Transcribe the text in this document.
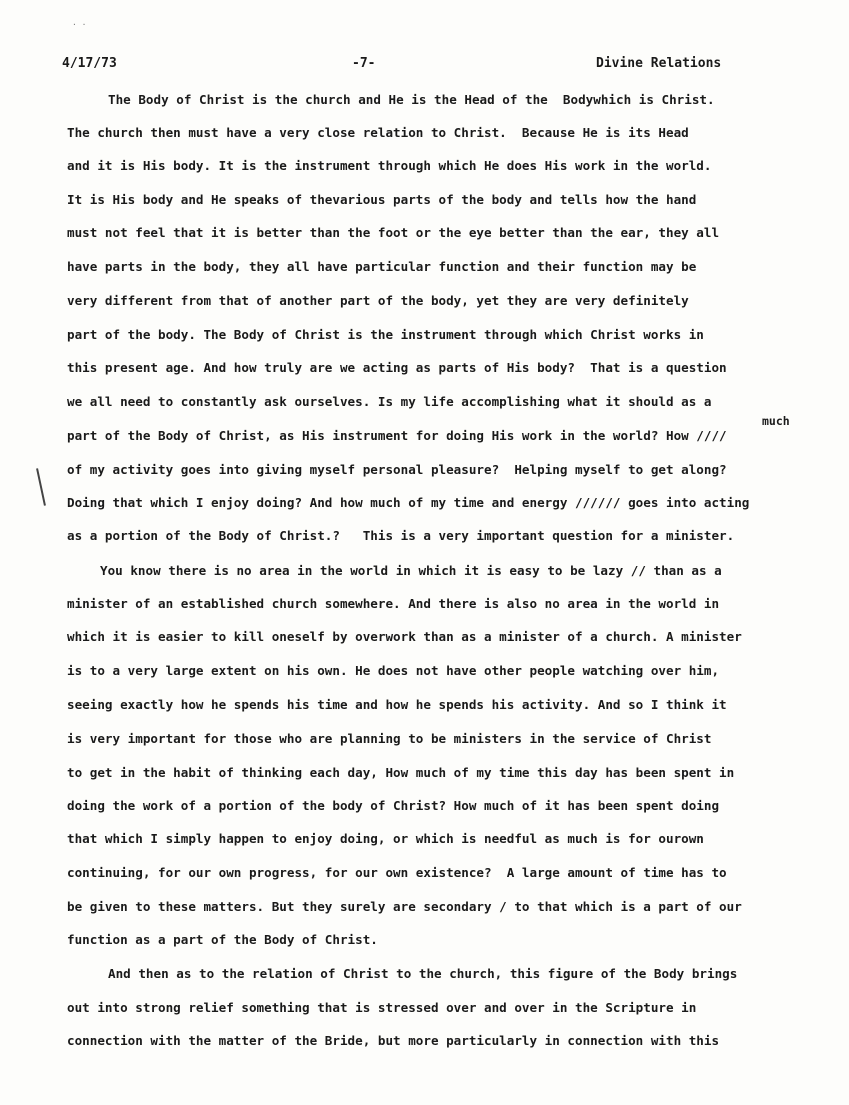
· ·
4/17/73	-7-	Divine Relations
much
The Body of Christ is the church and He is the Head of the  Bodywhich is Christ.
The church then must have a very close relation to Christ.  Because He is its Head
and it is His body. It is the instrument through which He does His work in the world.
It is His body and He speaks of thevarious parts of the body and tells how the hand
must not feel that it is better than the foot or the eye better than the ear, they all
have parts in the body, they all have particular function and their function may be
very different from that of another part of the body, yet they are very definitely
part of the body. The Body of Christ is the instrument through which Christ works in
this present age. And how truly are we acting as parts of His body?  That is a question
we all need to constantly ask ourselves. Is my life accomplishing what it should as a
part of the Body of Christ, as His instrument for doing His work in the world? How ////
of my activity goes into giving myself personal pleasure?  Helping myself to get along?
Doing that which I enjoy doing? And how much of my time and energy ////// goes into acting
as a portion of the Body of Christ.?   This is a very important question for a minister.
You know there is no area in the world in which it is easy to be lazy // than as a
minister of an established church somewhere. And there is also no area in the world in
which it is easier to kill oneself by overwork than as a minister of a church. A minister
is to a very large extent on his own. He does not have other people watching over him,
seeing exactly how he spends his time and how he spends his activity. And so I think it
is very important for those who are planning to be ministers in the service of Christ
to get in the habit of thinking each day, How much of my time this day has been spent in
doing the work of a portion of the body of Christ? How much of it has been spent doing
that which I simply happen to enjoy doing, or which is needful as much is for ourown
continuing, for our own progress, for our own existence?  A large amount of time has to
be given to these matters. But they surely are secondary / to that which is a part of our
function as a part of the Body of Christ.
And then as to the relation of Christ to the church, this figure of the Body brings
out into strong relief something that is stressed over and over in the Scripture in
connection with the matter of the Bride, but more particularly in connection with this
